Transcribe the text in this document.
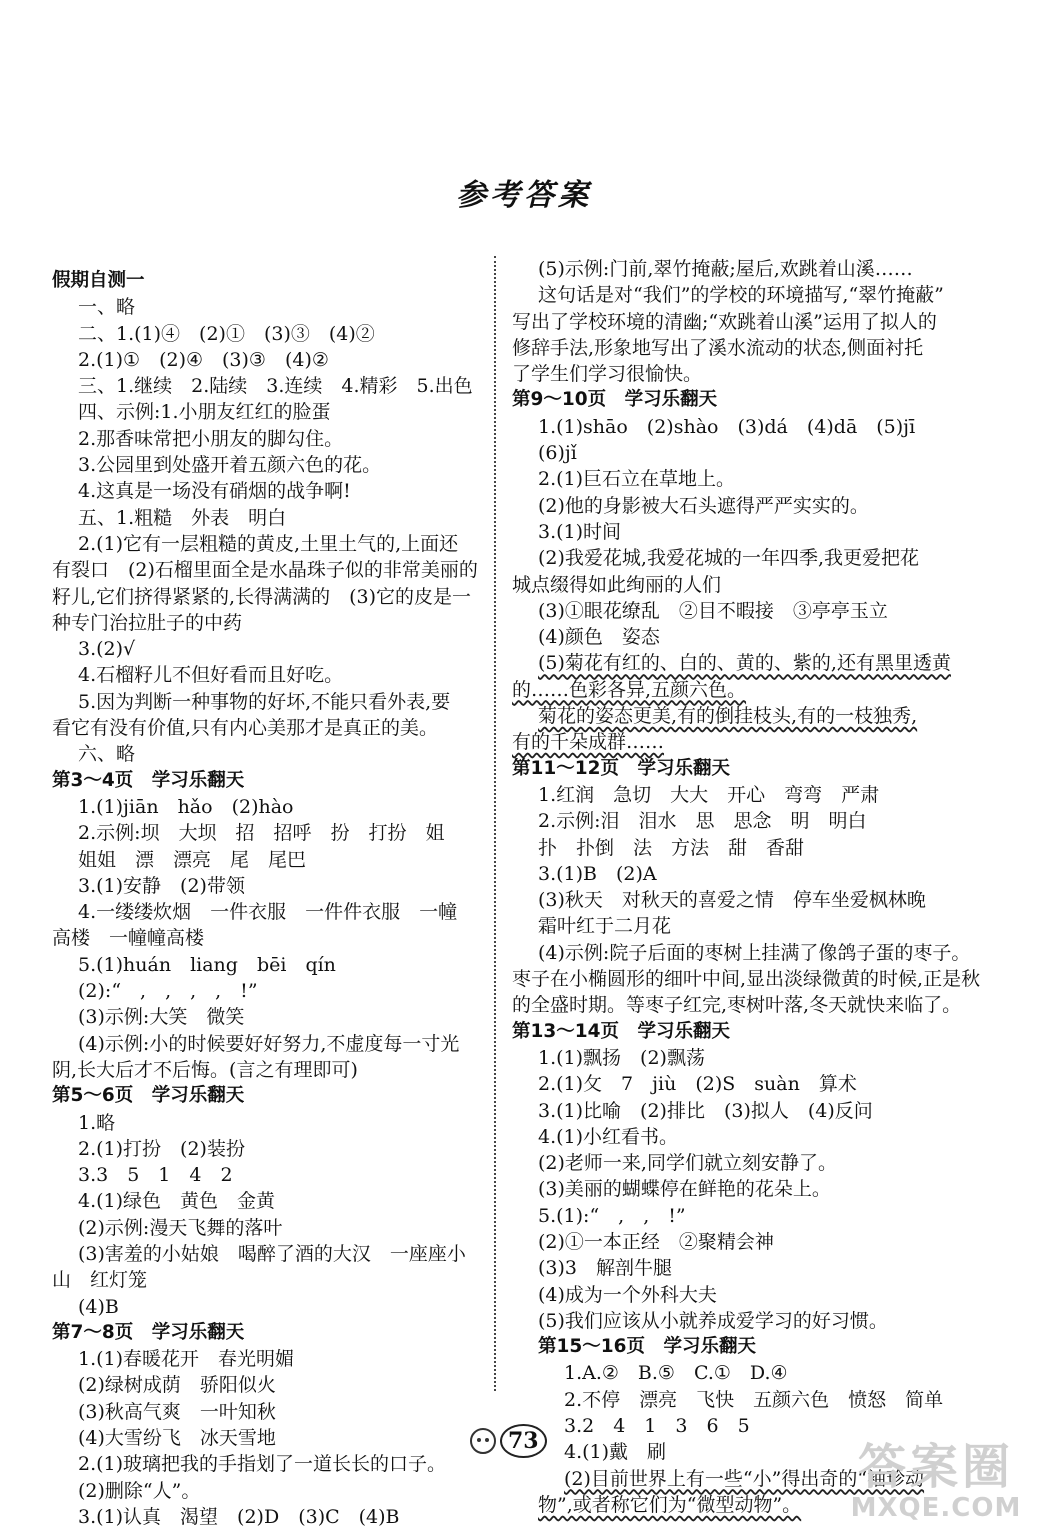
参考答案
假期自测一
一、略
二、1.(1)④　(2)①　(3)③　(4)②
2.(1)①　(2)④　(3)③　(4)②
三、1.继续　2.陆续　3.连续　4.精彩　5.出色
四、示例:1.小朋友红红的脸蛋
2.那香味常把小朋友的脚勾住。
3.公园里到处盛开着五颜六色的花。
4.这真是一场没有硝烟的战争啊!
五、1.粗糙　外表　明白
2.(1)它有一层粗糙的黄皮,土里土气的,上面还
有裂口　(2)石榴里面全是水晶珠子似的非常美丽的
籽儿,它们挤得紧紧的,长得满满的　(3)它的皮是一
种专门治拉肚子的中药
3.(2)√
4.石榴籽儿不但好看而且好吃。
5.因为判断一种事物的好坏,不能只看外表,要
看它有没有价值,只有内心美那才是真正的美。
六、略
第3～4页　学习乐翻天
1.(1)jiān　hǎo　(2)hào
2.示例:坝　大坝　招　招呼　扮　打扮　姐
姐姐　漂　漂亮　尾　尾巴
3.(1)安静　(2)带领
4.一缕缕炊烟　一件衣服　一件件衣服　一幢
高楼　一幢幢高楼
5.(1)huán　liang　bēi　qín
(2):“　,　,　,　,　!”
(3)示例:大笑　微笑
(4)示例:小的时候要好好努力,不虚度每一寸光
阴,长大后才不后悔。(言之有理即可)
第5～6页　学习乐翻天
1.略
2.(1)打扮　(2)装扮
3.3　5　1　4　2
4.(1)绿色　黄色　金黄
(2)示例:漫天飞舞的落叶
(3)害羞的小姑娘　喝醉了酒的大汉　一座座小
山　红灯笼
(4)B
第7～8页　学习乐翻天
1.(1)春暖花开　春光明媚
(2)绿树成荫　骄阳似火
(3)秋高气爽　一叶知秋
(4)大雪纷飞　冰天雪地
2.(1)玻璃把我的手指划了一道长长的口子。
(2)删除“人”。
3.(1)认真　渴望　(2)D　(3)C　(4)B
(5)示例:门前,翠竹掩蔽;屋后,欢跳着山溪……
这句话是对“我们”的学校的环境描写,“翠竹掩蔽”
写出了学校环境的清幽;“欢跳着山溪”运用了拟人的
修辞手法,形象地写出了溪水流动的状态,侧面衬托
了学生们学习很愉快。
第9～10页　学习乐翻天
1.(1)shāo　(2)shào　(3)dá　(4)dā　(5)jī
(6)jǐ
2.(1)巨石立在草地上。
(2)他的身影被大石头遮得严严实实的。
3.(1)时间
(2)我爱花城,我爱花城的一年四季,我更爱把花
城点缀得如此绚丽的人们
(3)①眼花缭乱　②目不暇接　③亭亭玉立
(4)颜色　姿态
(5)菊花有红的、白的、黄的、紫的,还有黑里透黄
的……色彩各异,五颜六色。
菊花的姿态更美,有的倒挂枝头,有的一枝独秀,
有的千朵成群……
第11～12页　学习乐翻天
1.红润　急切　大大　开心　弯弯　严肃
2.示例:泪　泪水　思　思念　明　明白
扑　扑倒　法　方法　甜　香甜
3.(1)B　(2)A
(3)秋天　对秋天的喜爱之情　停车坐爱枫林晚
霜叶红于二月花
(4)示例:院子后面的枣树上挂满了像鸽子蛋的枣子。
枣子在小椭圆形的细叶中间,显出淡绿微黄的时候,正是秋
的全盛时期。等枣子红完,枣树叶落,冬天就快来临了。
第13～14页　学习乐翻天
1.(1)飘扬　(2)飘荡
2.(1)攵　7　jiù　(2)S　suàn　算术
3.(1)比喻　(2)排比　(3)拟人　(4)反问
4.(1)小红看书。
(2)老师一来,同学们就立刻安静了。
(3)美丽的蝴蝶停在鲜艳的花朵上。
5.(1):“　,　,　!”
(2)①一本正经　②聚精会神
(3)3　解剖牛腿
(4)成为一个外科大夫
(5)我们应该从小就养成爱学习的好习惯。
第15～16页　学习乐翻天
1.A.②　B.⑤　C.①　D.④
2.不停　漂亮　飞快　五颜六色　愤怒　简单
3.2　4　1　3　6　5
4.(1)戴　刷
(2)目前世界上有一些“小”得出奇的“袖珍动
物”,或者称它们为“微型动物”。
73	答案圈
MXQE.COM
